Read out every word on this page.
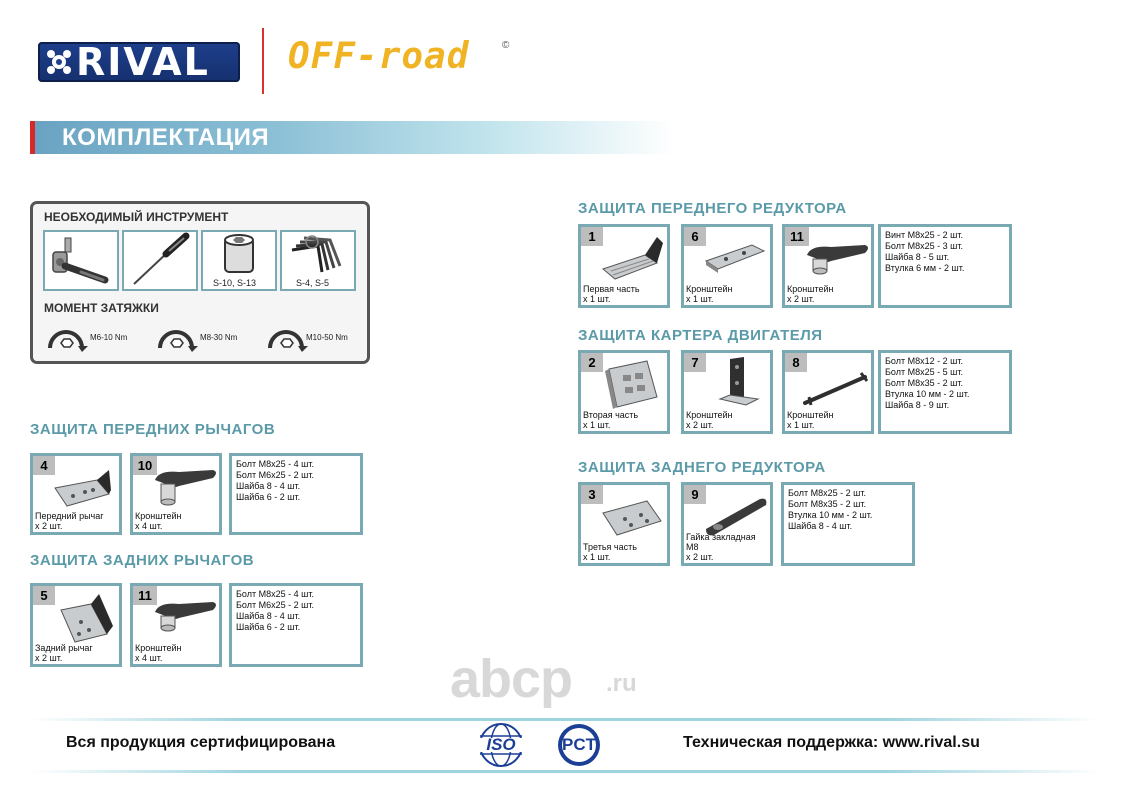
RIVAL OFF-road	©
КОМПЛЕКТАЦИЯ
НЕОБХОДИМЫЙ ИНСТРУМЕНТ
S-10, S-13	S-4, S-5
МОМЕНТ ЗАТЯЖКИ
M6-10 Nm	M8-30 Nm	M10-50 Nm
ЗАЩИТА ПЕРЕДНИХ РЫЧАГОВ
4
Передний рычаг
x 2 шт.
10
Кронштейн
x 4 шт.
Болт М8х25 - 4 шт.
Болт М6х25 - 2 шт.
Шайба 8 - 4 шт.
Шайба 6 - 2 шт.
ЗАЩИТА ЗАДНИХ РЫЧАГОВ
5
Задний рычаг
x 2 шт.
11
Кронштейн
x 4 шт.
Болт М8х25 - 4 шт.
Болт М6х25 - 2 шт.
Шайба 8 - 4 шт.
Шайба 6 - 2 шт.
ЗАЩИТА ПЕРЕДНЕГО РЕДУКТОРА
1
Первая часть
x 1 шт.
6
Кронштейн
x 1 шт.
11
Кронштейн
x 2 шт.
Винт М8х25 - 2 шт.
Болт М8х25 - 3 шт.
Шайба 8 - 5 шт.
Втулка 6 мм - 2 шт.
ЗАЩИТА КАРТЕРА ДВИГАТЕЛЯ
2
Вторая часть
x 1 шт.
7
Кронштейн
x 2 шт.
8
Кронштейн
x 1 шт.
Болт М8х12 - 2 шт.
Болт М8х25 - 5 шт.
Болт М8х35 - 2 шт.
Втулка 10 мм - 2 шт.
Шайба 8 - 9 шт.
ЗАЩИТА ЗАДНЕГО РЕДУКТОРА
3
Третья часть
x 1 шт.
9
Гайка закладная М8
x 2 шт.
Болт М8х25 - 2 шт.
Болт М8х35 - 2 шт.
Втулка 10 мм - 2 шт.
Шайба 8 - 4 шт.
abcp .ru
Вся продукция сертифицирована	ISO	PCT	Техническая поддержка: www.rival.su
